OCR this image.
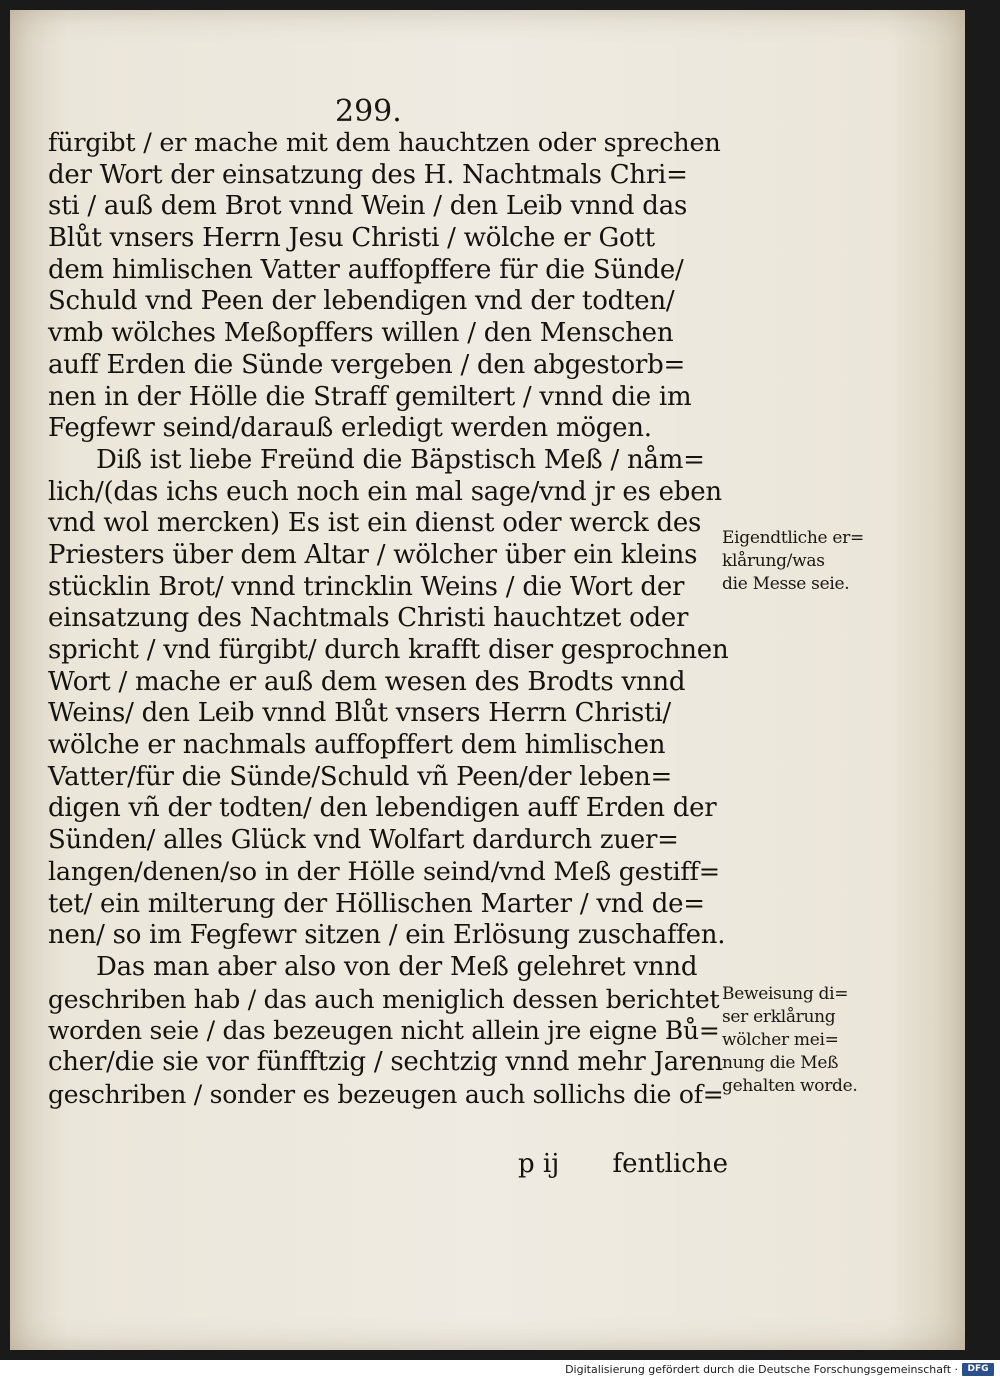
299.
fürgibt / er mache mit dem hauchtzen oder sprechen
der Wort der einsatzung des H. Nachtmals Chri=
sti / auß dem Brot vnnd Wein / den Leib vnnd das
Blůt vnsers Herrn Jesu Christi / wölche er Gott
dem himlischen Vatter auffopffere für die Sünde/
Schuld vnd Peen der lebendigen vnd der todten/
vmb wölches Meßopffers willen / den Menschen
auff Erden die Sünde vergeben / den abgestorb=
nen in der Hölle die Straff gemiltert / vnnd die im
Fegfewr seind/darauß erledigt werden mögen.
Diß ist liebe Freünd die Bäpstisch Meß / nåm=
lich/(das ichs euch noch ein mal sage/vnd jr es eben
vnd wol mercken) Es ist ein dienst oder werck des
Priesters über dem Altar / wölcher über ein kleins
stücklin Brot/ vnnd trincklin Weins / die Wort der
einsatzung des Nachtmals Christi hauchtzet oder
spricht / vnd fürgibt/ durch krafft diser gesprochnen
Wort / mache er auß dem wesen des Brodts vnnd
Weins/ den Leib vnnd Blůt vnsers Herrn Christi/
wölche er nachmals auffopffert dem himlischen
Vatter/für die Sünde/Schuld vñ Peen/der leben=
digen vñ der todten/ den lebendigen auff Erden der
Sünden/ alles Glück vnd Wolfart dardurch zuer=
langen/denen/so in der Hölle seind/vnd Meß gestiff=
tet/ ein milterung der Höllischen Marter / vnd de=
nen/ so im Fegfewr sitzen / ein Erlösung zuschaffen.
Das man aber also von der Meß gelehret vnnd
geschriben hab / das auch meniglich dessen berichtet
worden seie / das bezeugen nicht allein jre eigne Bů=
cher/die sie vor fünfftzig / sechtzig vnnd mehr Jaren
geschriben / sonder es bezeugen auch sollichs die of=
Eigendtliche er=
klårung/was
die Messe seie.
Beweisung di=
ser erklårung
wölcher mei=
nung die Meß
gehalten worde.
p ij fentliche
Digitalisierung gefördert durch die Deutsche Forschungsgemeinschaft ·	DFG
